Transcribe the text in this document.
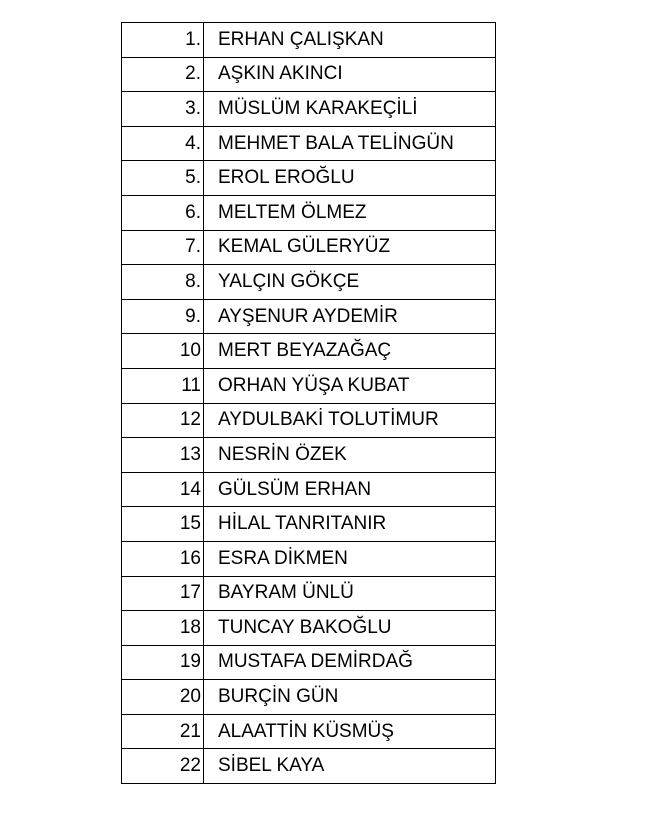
1.	ERHAN ÇALIŞKAN
2.	AŞKIN AKINCI
3.	MÜSLÜM KARAKEÇİLİ
4.	MEHMET BALA TELİNGÜN
5.	EROL EROĞLU
6.	MELTEM ÖLMEZ
7.	KEMAL GÜLERYÜZ
8.	YALÇIN GÖKÇE
9.	AYŞENUR AYDEMİR
10	MERT BEYAZAĞAÇ
11	ORHAN YÜŞA KUBAT
12	AYDULBAKİ TOLUTİMUR
13	NESRİN ÖZEK
14	GÜLSÜM ERHAN
15	HİLAL TANRITANIR
16	ESRA DİKMEN
17	BAYRAM ÜNLÜ
18	TUNCAY BAKOĞLU
19	MUSTAFA DEMİRDAĞ
20	BURÇİN GÜN
21	ALAATTİN KÜSMÜŞ
22	SİBEL KAYA
